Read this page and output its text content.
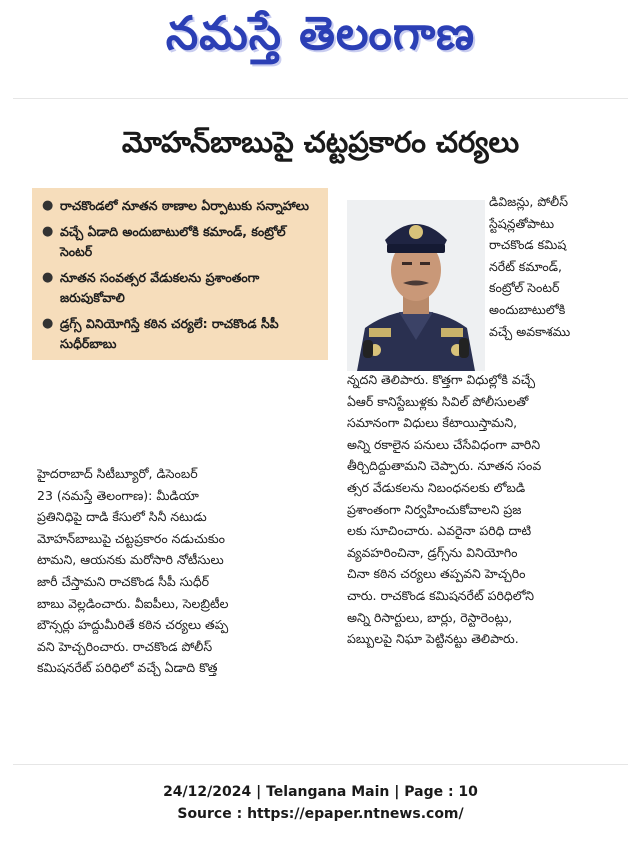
నమస్తే తెలంగాణ
మోహన్‌బాబుపై చట్టప్రకారం చర్యలు
● రాచకొండలో నూతన ఠాణాల ఏర్పాటుకు సన్నాహాలు
● వచ్చే ఏడాది అందుబాటులోకి కమాండ్, కంట్రోల్ సెంటర్
● నూతన సంవత్సర వేడుకలను ప్రశాంతంగా జరుపుకోవాలి
● డ్రగ్స్ వినియోగిస్తే కఠిన చర్యలే: రాచకొండ సీపీ సుధీర్‌బాబు
డివిజన్లు, పోలీస్
స్టేషన్లతోపాటు
రాచకొండ కమిష
నరేట్ కమాండ్,
కంట్రోల్ సెంటర్
అందుబాటులోకి
వచ్చే అవకాశము
హైదరాబాద్ సిటీబ్యూరో, డిసెంబర్
23 (నమస్తే తెలంగాణ): మీడియా
ప్రతినిధిపై దాడి కేసులో సినీ నటుడు
మోహన్‌బాబుపై చట్టప్రకారం నడుచుకుం
టామని, ఆయనకు మరోసారి నోటీసులు
జారీ చేస్తామని రాచకొండ సీపీ సుధీర్
బాబు వెల్లడించారు. వీఐపీలు, సెలబ్రిటీల
బౌన్సర్లు హద్దుమీరితే కఠిన చర్యలు తప్ప
వని హెచ్చరించారు. రాచకొండ పోలీస్
కమిషనరేట్ పరిధిలో వచ్చే ఏడాది కొత్త
న్నదని తెలిపారు. కొత్తగా విధుల్లోకి వచ్చే
ఏఆర్ కానిస్టేబుళ్లకు సివిల్ పోలీసులతో
సమానంగా విధులు కేటాయిస్తామని,
అన్ని రకాలైన పనులు చేసేవిధంగా వారిని
తీర్చిదిద్దుతామని చెప్పారు. నూతన సంవ
త్సర వేడుకలను నిబంధనలకు లోబడి
ప్రశాంతంగా నిర్వహించుకోవాలని ప్రజ
లకు సూచించారు. ఎవరైనా పరిధి దాటి
వ్యవహరించినా, డ్రగ్స్‌ను వినియోగిం
చినా కఠిన చర్యలు తప్పవని హెచ్చరిం
చారు. రాచకొండ కమిషనరేట్ పరిధిలోని
అన్ని రిసార్టులు, బార్లు, రెస్టారెంట్లు,
పబ్బులపై నిఘా పెట్టినట్టు తెలిపారు.
24/12/2024 | Telangana Main | Page : 10
Source : https://epaper.ntnews.com/
